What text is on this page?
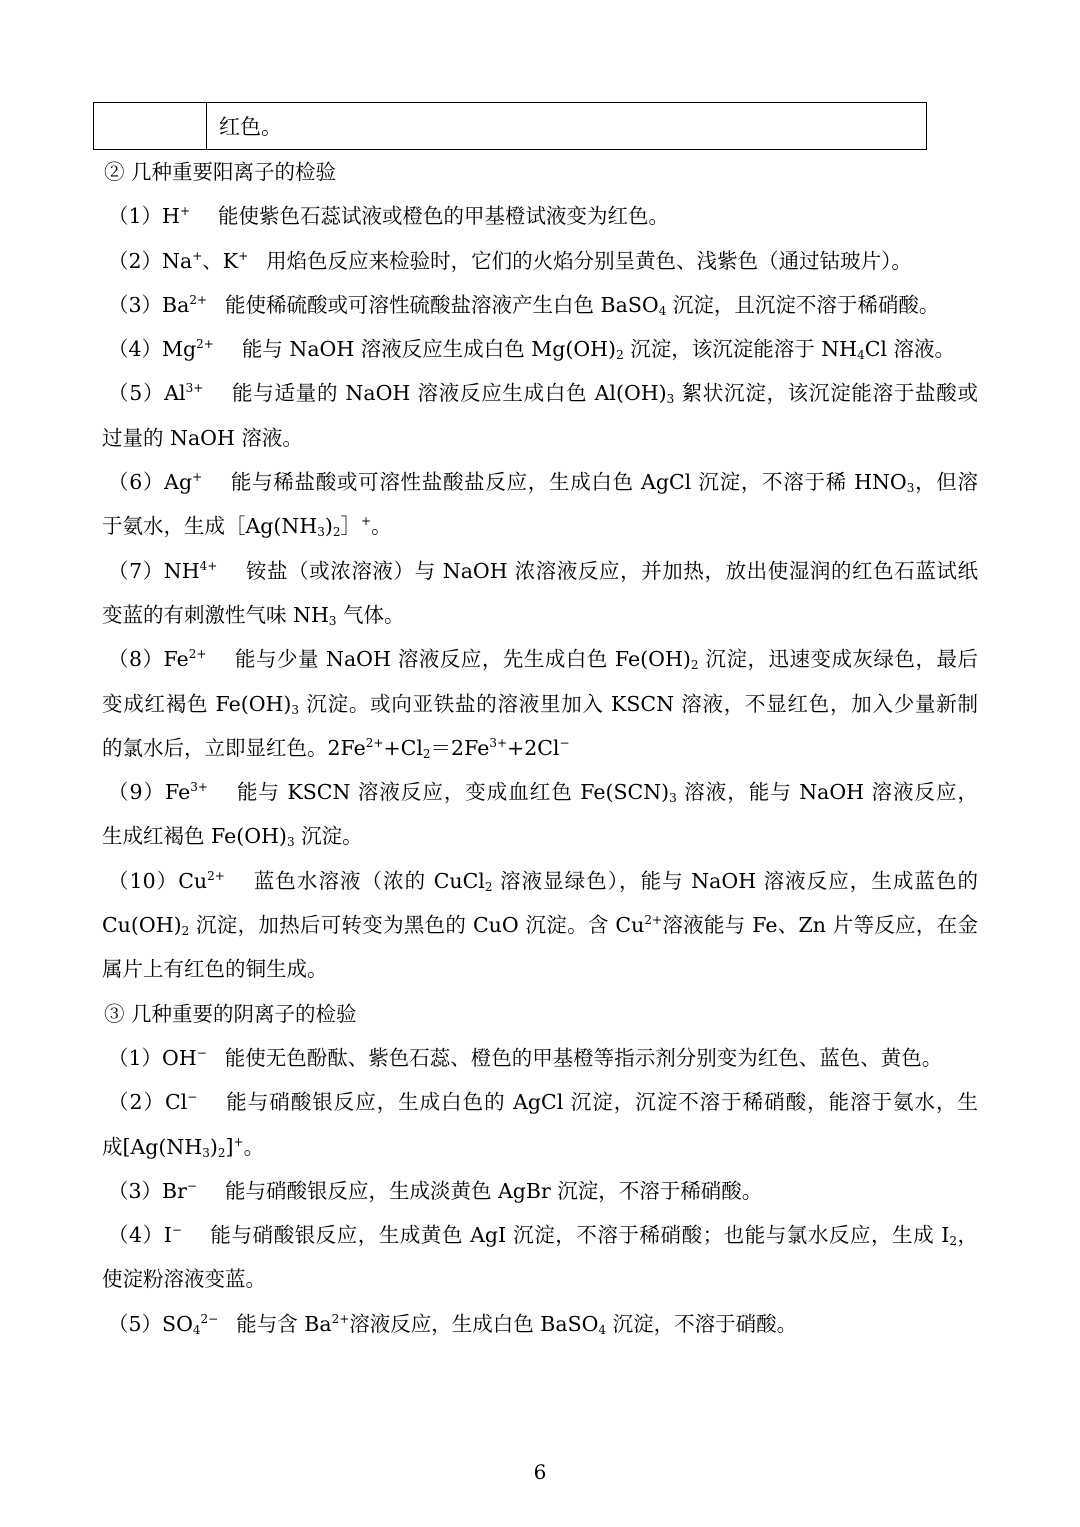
	红色。
② 几种重要阳离子的检验
（1）H+ 能使紫色石蕊试液或橙色的甲基橙试液变为红色。
（2）Na+、K+ 用焰色反应来检验时，它们的火焰分别呈黄色、浅紫色（通过钴玻片）。
$(3)Ba^{2+}$ 能使稀硫酸或可溶性硫酸盐溶液产生白色 BaSO$_4$ 沉淀，且沉淀不溶于稀硝酸。
$(4)Mg^{2+}$ 能与 NaOH 溶液反应生成白色 $Mg(OH)_2$ 沉淀，该沉淀能溶于 $NH_4Cl$ 溶液。
$(5)Al^{3+}$ 能与适量的 NaOH 溶液反应生成白色 $Al(OH)_3$ 絮状沉淀，该沉淀能溶于盐酸或
过量的 NaOH 溶液。
（6）Ag+ 能与稀盐酸或可溶性盐酸盐反应，生成白色 AgCl 沉淀，不溶于稀 $HNO_3$，但溶
于氨水，生成$[Ag(NH_3)_2]^+$。
$(7)NH^{4+}$ 铵盐（或浓溶液）与 NaOH 浓溶液反应，并加热，放出使湿润的红色石蓝试纸
变蓝的有刺激性气味 $NH_3$ 气体。
$(8)Fe^{2+}$ 能与少量 NaOH 溶液反应，先生成白色 $Fe(OH)_2$ 沉淀，迅速变成灰绿色，最后
变成红褐色 $Fe(OH)_3$ 沉淀。或向亚铁盐的溶液里加入 KSCN 溶液，不显红色，加入少量新制
的氯水后，立即显红色。$2Fe^{2+}+Cl_2=2Fe^{3+}+2Cl^-$
$(9)Fe^{3+}$ 能与 KSCN 溶液反应，变成血红色 $Fe(SCN)_3$ 溶液，能与 NaOH 溶液反应，
生成红褐色 $Fe(OH)_3$ 沉淀。
$(10)Cu^{2+}$ 蓝色水溶液（浓的 CuCl$_2$ 溶液显绿色），能与 NaOH 溶液反应，生成蓝色的
$Cu(OH)_2$ 沉淀，加热后可转变为黑色的 CuO 沉淀。含 $Cu^{2+}$溶液能与 Fe、Zn 片等反应，在金
属片上有红色的铜生成。
③ 几种重要的阴离子的检验
（1）OH− 能使无色酚酞、紫色石蕊、橙色的甲基橙等指示剂分别变为红色、蓝色、黄色。
（2）Cl− 能与硝酸银反应，生成白色的 AgCl 沉淀，沉淀不溶于稀硝酸，能溶于氨水，生
成$[Ag(NH_3)_2]^+$。
（3）Br− 能与硝酸银反应，生成淡黄色 AgBr 沉淀，不溶于稀硝酸。
（4）I− 能与硝酸银反应，生成黄色 AgI 沉淀，不溶于稀硝酸；也能与氯水反应，生成 $I_2$，
使淀粉溶液变蓝。
$(5)SO_4^{2-}$ 能与含 $Ba^{2+}$溶液反应，生成白色 BaSO$_4$ 沉淀，不溶于硝酸。
6
